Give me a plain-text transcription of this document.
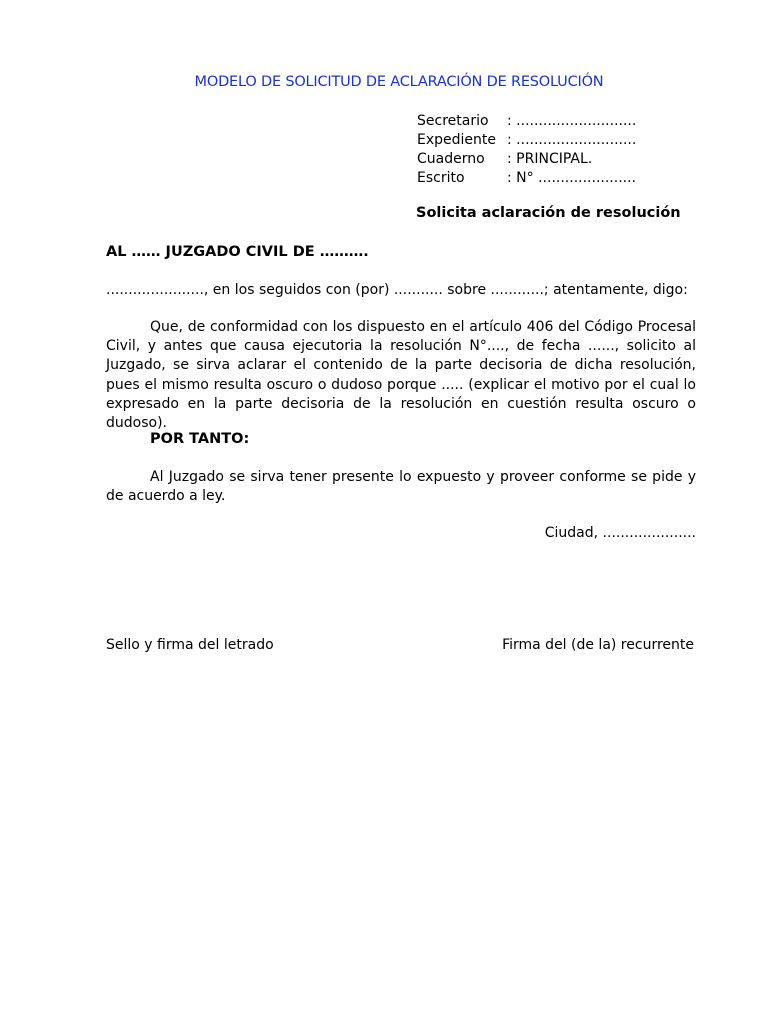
MODELO DE SOLICITUD DE ACLARACIÓN DE RESOLUCIÓN
Secretario	: ...........................
Expediente : ...........................
Cuaderno	: PRINCIPAL.
Escrito	: N° ......................
Solicita aclaración de resolución
AL …… JUZGADO CIVIL DE ……….
......................, en los seguidos con (por) ........... sobre ............; atentamente, digo:
Que, de conformidad con los dispuesto en el artículo 406 del Código Procesal Civil, y antes que causa ejecutoria la resolución N°...., de fecha ......, solicito al Juzgado, se sirva aclarar el contenido de la parte decisoria de dicha resolución, pues el mismo resulta oscuro o dudoso porque ..... (explicar el motivo por el cual lo expresado en la parte decisoria de la resolución en cuestión resulta oscuro o dudoso).
POR TANTO:
Al Juzgado se sirva tener presente lo expuesto y proveer conforme se pide y de acuerdo a ley.
Ciudad, .....................
Sello y firma del letrado	Firma del (de la) recurrente
